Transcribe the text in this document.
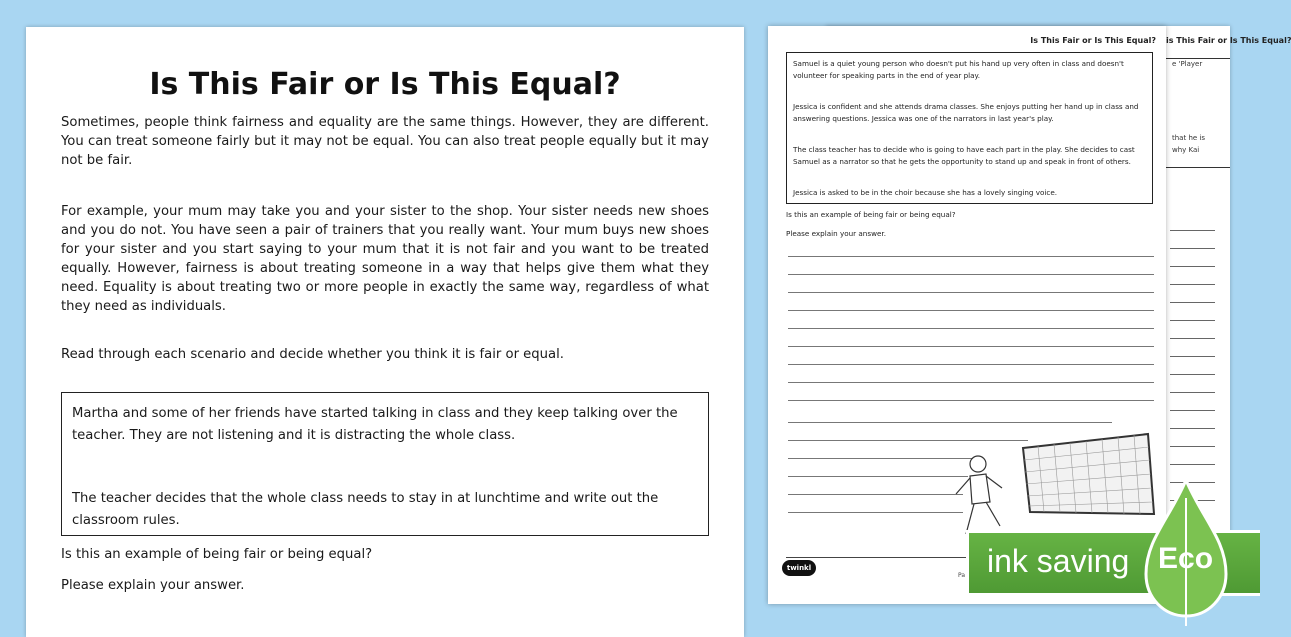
is This Fair or Is This Equal?
e 'Player
that he is
why Kai
Is This Fair or Is This Equal?
Samuel is a quiet young person who doesn't put his hand up very often in class and doesn't volunteer for speaking parts in the end of year play.
Jessica is confident and she attends drama classes. She enjoys putting her hand up in class and answering questions. Jessica was one of the narrators in last year's play.
The class teacher has to decide who is going to have each part in the play. She decides to cast Samuel as a narrator so that he gets the opportunity to stand up and speak in front of others.
Jessica is asked to be in the choir because she has a lovely singing voice.
Is this an example of being fair or being equal?
Please explain your answer.
twinkl
Pa
Is This Fair or Is This Equal?

Sometimes, people think fairness and equality are the same things. However, they are different. You can treat someone fairly but it may not be equal. You can also treat people equally but it may not be fair.

For example, your mum may take you and your sister to the shop. Your sister needs new shoes and you do not. You have seen a pair of trainers that you really want. Your mum buys new shoes for your sister and you start saying to your mum that it is not fair and you want to be treated equally. However, fairness is about treating someone in a way that helps give them what they need. Equality is about treating two or more people in exactly the same way, regardless of what they need as individuals.

Read through each scenario and decide whether you think it is fair or equal.

Martha and some of her friends have started talking in class and they keep talking over the teacher. They are not listening and it is distracting the whole class.

The teacher decides that the whole class needs to stay in at lunchtime and write out the classroom rules.

Is this an example of being fair or being equal?
Please explain your answer.
ink saving Eco
